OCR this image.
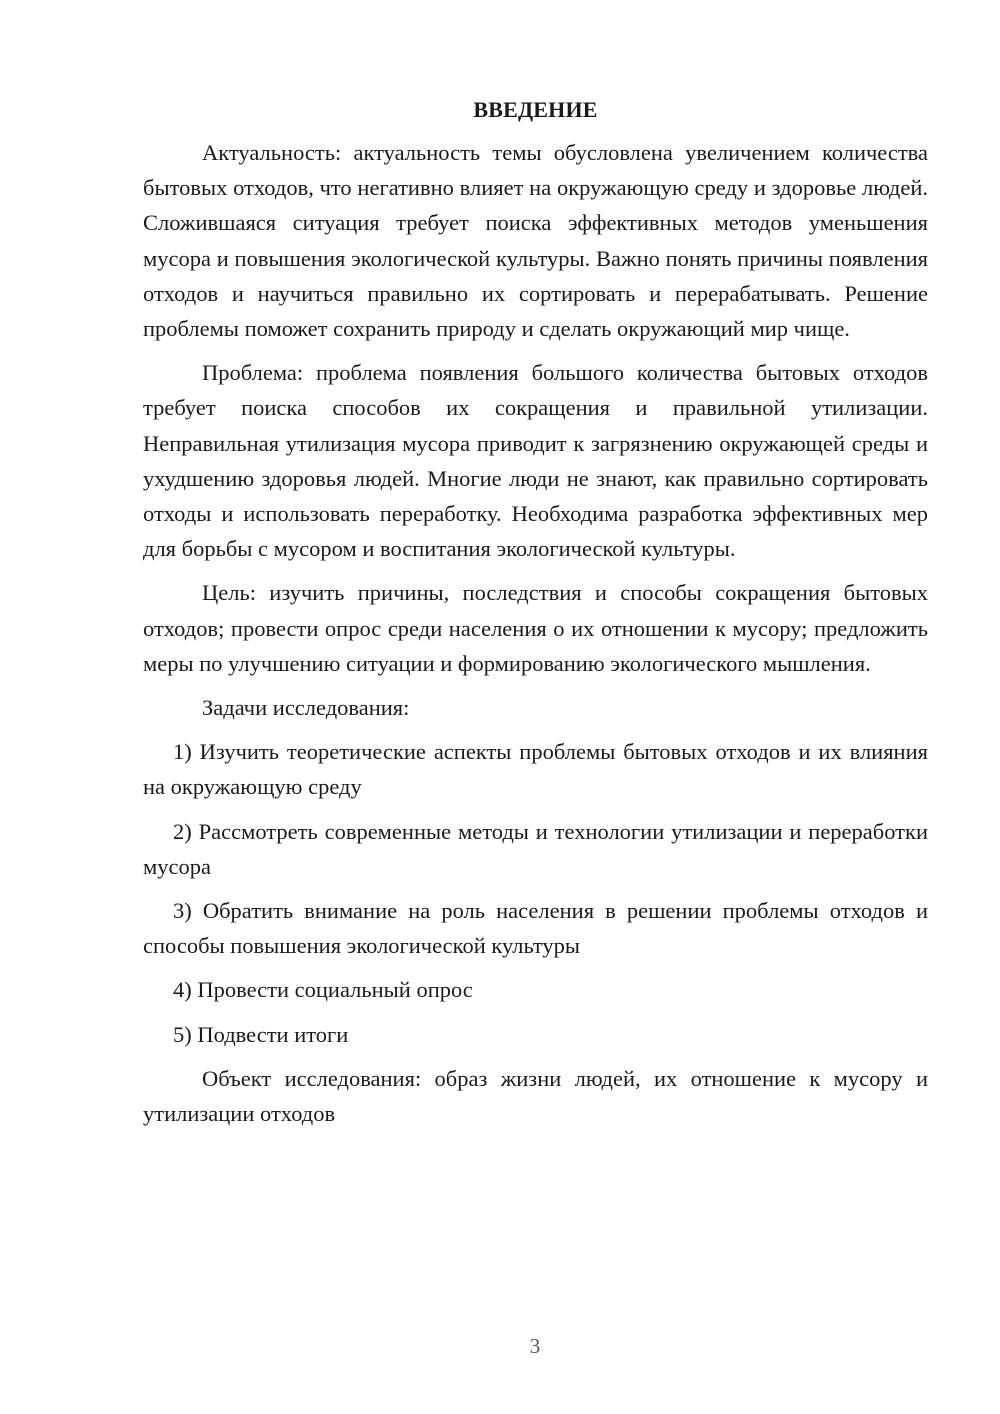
ВВЕДЕНИЕ

Актуальность: актуальность темы обусловлена увеличением количества бытовых отходов, что негативно влияет на окружающую среду и здоровье людей. Сложившаяся ситуация требует поиска эффективных методов уменьшения мусора и повышения экологической культуры. Важно понять причины появления отходов и научиться правильно их сортировать и перерабатывать. Решение проблемы поможет сохранить природу и сделать окружающий мир чище.

Проблема: проблема появления большого количества бытовых отходов требует поиска способов их сокращения и правильной утилизации. Неправильная утилизация мусора приводит к загрязнению окружающей среды и ухудшению здоровья людей. Многие люди не знают, как правильно сортировать отходы и использовать переработку. Необходима разработка эффективных мер для борьбы с мусором и воспитания экологической культуры.

Цель: изучить причины, последствия и способы сокращения бытовых отходов; провести опрос среди населения о их отношении к мусору; предложить меры по улучшению ситуации и формированию экологического мышления.

Задачи исследования:

1) Изучить теоретические аспекты проблемы бытовых отходов и их влияния на окружающую среду

2) Рассмотреть современные методы и технологии утилизации и переработки мусора

3) Обратить внимание на роль населения в решении проблемы отходов и способы повышения экологической культуры

4) Провести социальный опрос

5) Подвести итоги

Объект исследования: образ жизни людей, их отношение к мусору и утилизации отходов

3
